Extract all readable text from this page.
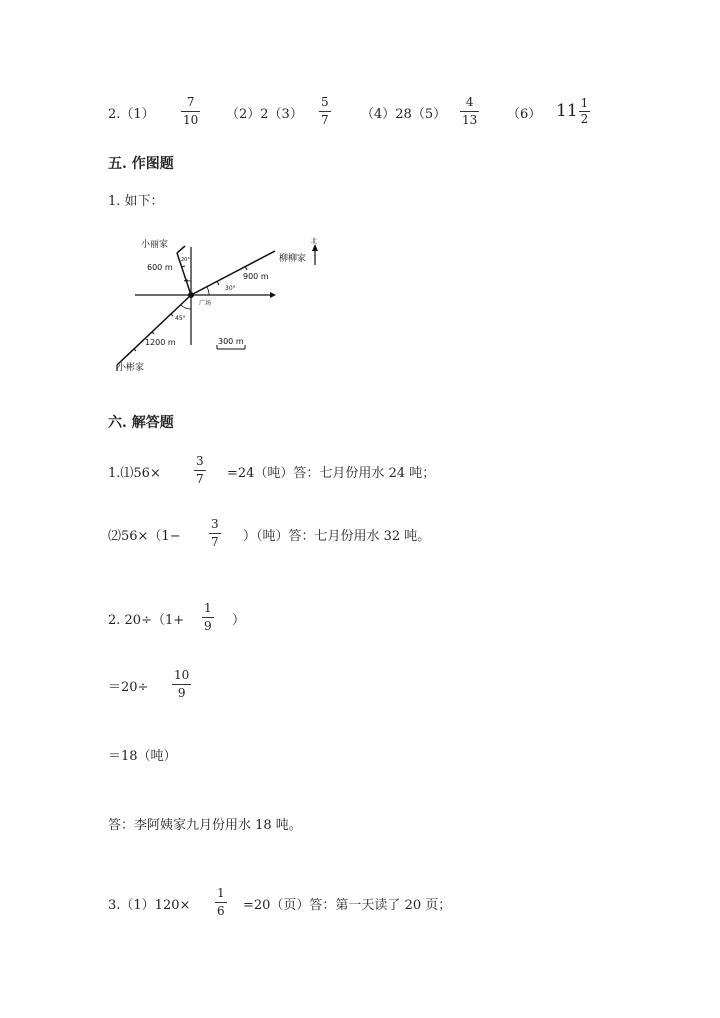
2.（1）
7
10 （2）2（3）
5
7 （4）28（5）
4
13 （6） $11 \frac{1}{2}$
五. 作图题
1. 如下：
小丽家
柳柳家
小彬家
广场
北
600 m
900 m
1200 m	300 m
20°
30°
45°
六. 解答题
1.⑴56×
3
7 =24（吨）答：七月份用水 24 吨；
⑵56×（1−
3
7 ）（吨）答：七月份用水 32 吨。
2. 20÷（1+
1
9 ）
＝20÷
10
9
＝18（吨）
答：李阿姨家九月份用水 18 吨。
3.（1）120×
1
6 =20（页）答：第一天读了 20 页；
